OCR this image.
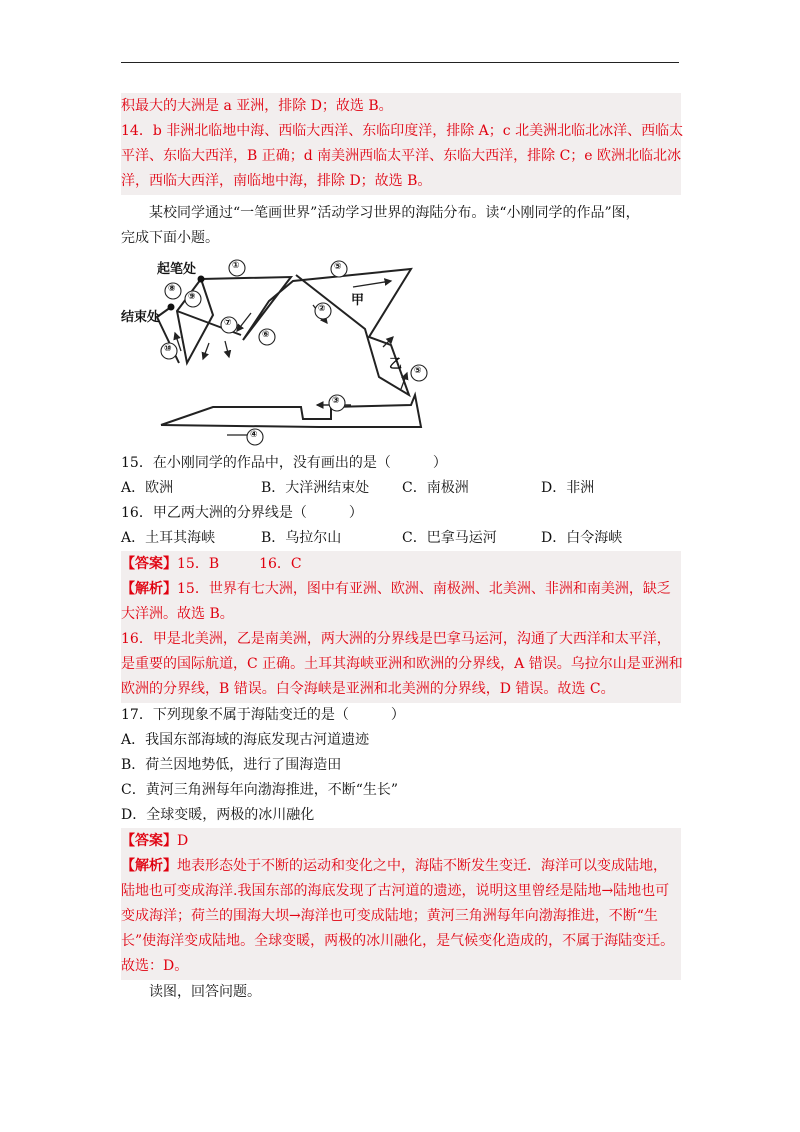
积最大的大洲是 a 亚洲，排除 D；故选 B。

14．b 非洲北临地中海、西临大西洋、东临印度洋，排除 A；c 北美洲北临北冰洋、西临太

平洋、东临大西洋，B 正确；d 南美洲西临太平洋、东临大西洋，排除 C；e 欧洲北临北冰

洋，西临大西洋，南临地中海，排除 D；故选 B。

某校同学通过“一笔画世界”活动学习世界的海陆分布。读“小刚同学的作品”图，

完成下面小题。

起笔处
结束处
甲
乙
①
②
③
④
⑤
⑥
⑦
⑧
⑨
⑩
⑤

15．在小刚同学的作品中，没有画出的是（　　　）

A．欧洲	B．大洋洲结束处	C．南极洲	D．非洲

16．甲乙两大洲的分界线是（　　　）

A．土耳其海峡	B．乌拉尔山	C．巴拿马运河	D．白令海峡

【答案】15．B	16．C

【解析】15．世界有七大洲，图中有亚洲、欧洲、南极洲、北美洲、非洲和南美洲，缺乏

大洋洲。故选 B。

16．甲是北美洲，乙是南美洲，两大洲的分界线是巴拿马运河，沟通了大西洋和太平洋，

是重要的国际航道，C 正确。土耳其海峡亚洲和欧洲的分界线，A 错误。乌拉尔山是亚洲和

欧洲的分界线，B 错误。白令海峡是亚洲和北美洲的分界线，D 错误。故选 C。

17．下列现象不属于海陆变迁的是（　　　）

A．我国东部海域的海底发现古河道遗迹

B．荷兰因地势低，进行了围海造田

C．黄河三角洲每年向渤海推进，不断“生长”

D．全球变暖，两极的冰川融化

【答案】D

【解析】地表形态处于不断的运动和变化之中，海陆不断发生变迁．海洋可以变成陆地，

陆地也可变成海洋.我国东部的海底发现了古河道的遗迹，说明这里曾经是陆地→陆地也可

变成海洋；荷兰的围海大坝→海洋也可变成陆地；黄河三角洲每年向渤海推进，不断“生

长”使海洋变成陆地。全球变暖，两极的冰川融化，是气候变化造成的，不属于海陆变迁。

故选：D。

读图，回答问题。
